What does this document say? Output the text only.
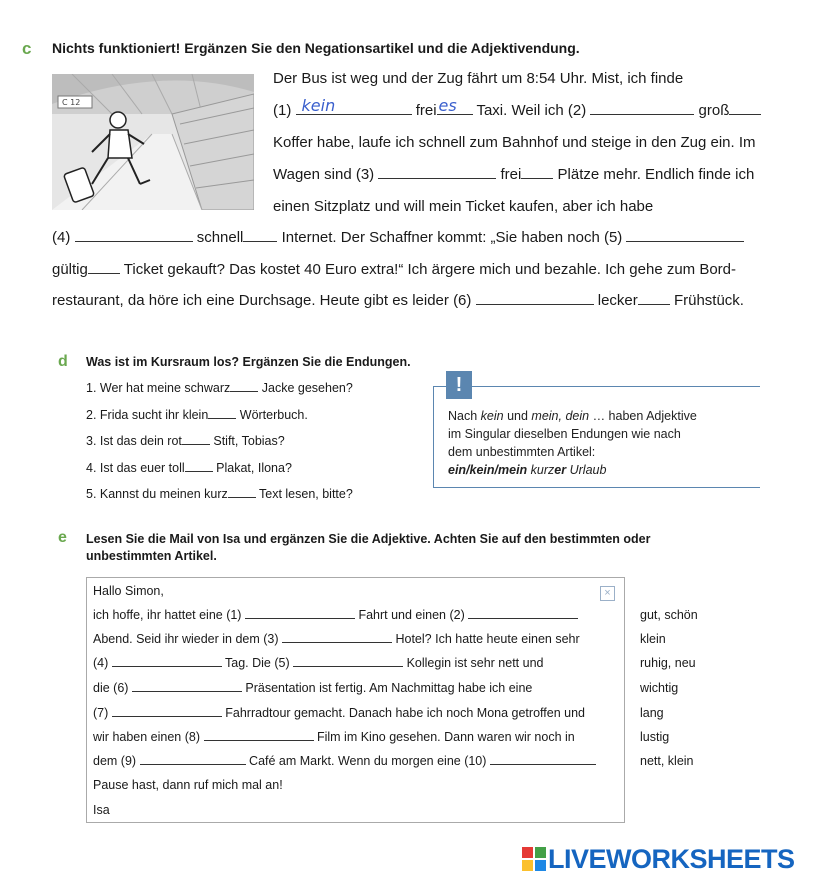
c Nichts funktioniert! Ergänzen Sie den Negationsartikel und die Adjektivendung.
C 12
Der Bus ist weg und der Zug fährt um 8:54 Uhr. Mist, ich finde
(1) kein	frei es Taxi. Weil ich (2)	groß
Koffer habe, laufe ich schnell zum Bahnhof und steige in den Zug ein. Im
Wagen sind (3)	frei Plätze mehr. Endlich finde ich
einen Sitzplatz und will mein Ticket kaufen, aber ich habe
(4)	schnell	Internet. Der Schaffner kommt: „Sie haben noch (5)
gültig Ticket gekauft? Das kostet 40 Euro extra!“ Ich ärgere mich und bezahle. Ich gehe zum Bord-
restaurant, da höre ich eine Durchsage. Heute gibt es leider (6)	lecker Frühstück.
d Was ist im Kursraum los? Ergänzen Sie die Endungen.
1. Wer hat meine schwarz	Jacke gesehen?
2. Frida sucht ihr klein	Wörterbuch.
3. Ist das dein rot	Stift, Tobias?
4. Ist das euer toll	Plakat, Ilona?
5. Kannst du meinen kurz	Text lesen, bitte?
!
Nach kein und mein, dein … haben Adjektive
im Singular dieselben Endungen wie nach
dem unbestimmten Artikel:
ein/kein/mein kurzer Urlaub
e Lesen Sie die Mail von Isa und ergänzen Sie die Adjektive. Achten Sie auf den bestimmten oder
unbestimmten Artikel.
×
Hallo Simon,
ich hoffe, ihr hattet eine (1)	Fahrt und einen (2)
Abend. Seid ihr wieder in dem (3)	Hotel? Ich hatte heute einen sehr
(4)	Tag. Die (5)	Kollegin ist sehr nett und
die (6)	Präsentation ist fertig. Am Nachmittag habe ich eine
(7)	Fahrradtour gemacht. Danach habe ich noch Mona getroffen und
wir haben einen (8)	Film im Kino gesehen. Dann waren wir noch in
dem (9)	Café am Markt. Wenn du morgen eine (10)
Pause hast, dann ruf mich mal an!
Isa
gut, schön
klein
ruhig, neu
wichtig
lang
lustig
nett, klein
LIVEWORKSHEETS
